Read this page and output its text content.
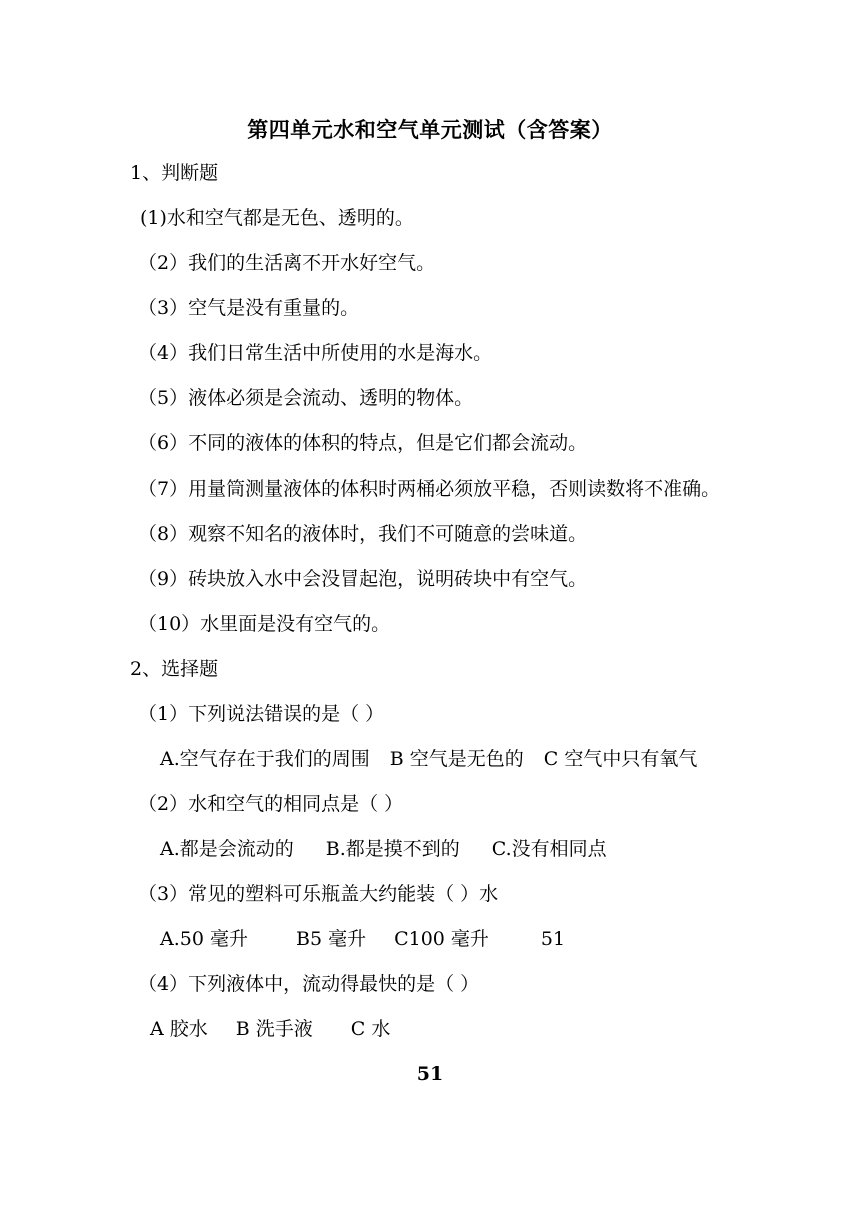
第四单元水和空气单元测试（含答案）
1、判断题
(1)水和空气都是无色、透明的。
（2）我们的生活离不开水好空气。
（3）空气是没有重量的。
（4）我们日常生活中所使用的水是海水。
（5）液体必须是会流动、透明的物体。
（6）不同的液体的体积的特点，但是它们都会流动。
（7）用量筒测量液体的体积时两桶必须放平稳，否则读数将不准确。
（8）观察不知名的液体时，我们不可随意的尝味道。
（9）砖块放入水中会没冒起泡，说明砖块中有空气。
（10）水里面是没有空气的。
2、选择题
（1）下列说法错误的是（ ）
A.空气存在于我们的周围 B 空气是无色的 C 空气中只有氧气
（2）水和空气的相同点是（ ）
A.都是会流动的 B.都是摸不到的 C.没有相同点
（3）常见的塑料可乐瓶盖大约能装（ ）水
A.50 毫升	B5 毫升 C100 毫升	51
（4）下列液体中，流动得最快的是（ ）
A 胶水 B 洗手液 C 水
51
